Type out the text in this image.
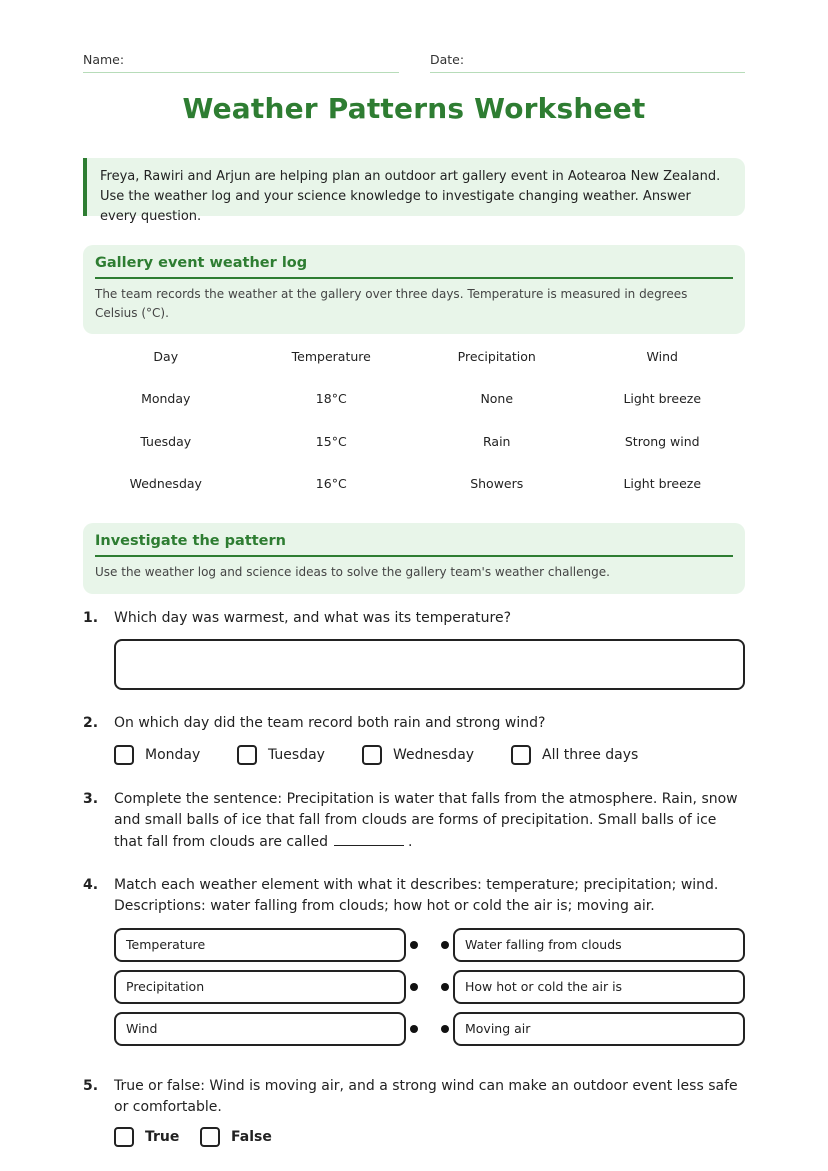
Name:	Date:
Weather Patterns Worksheet
Freya, Rawiri and Arjun are helping plan an outdoor art gallery event in Aotearoa New Zealand. Use the weather log and your science knowledge to investigate changing weather. Answer every question.
Gallery event weather log

The team records the weather at the gallery over three days. Temperature is measured in degrees Celsius (°C).

Day	Temperature	Precipitation	Wind
Monday	18°C	None	Light breeze
Tuesday	15°C	Rain	Strong wind
Wednesday	16°C	Showers	Light breeze
Investigate the pattern

Use the weather log and science ideas to solve the gallery team's weather challenge.

1. Which day was warmest, and what was its temperature?
2. On which day did the team record both rain and strong wind?
Monday	Tuesday	Wednesday	All three days
3. Complete the sentence: Precipitation is water that falls from the atmosphere. Rain, snow and small balls of ice that fall from clouds are forms of precipitation. Small balls of ice that fall from clouds are called	.
4. Match each weather element with what it describes: temperature; precipitation; wind. Descriptions: water falling from clouds; how hot or cold the air is; moving air.
Temperature	Water falling from clouds
Precipitation	How hot or cold the air is
Wind	Moving air
5. True or false: Wind is moving air, and a strong wind can make an outdoor event less safe or comfortable.
True	False
